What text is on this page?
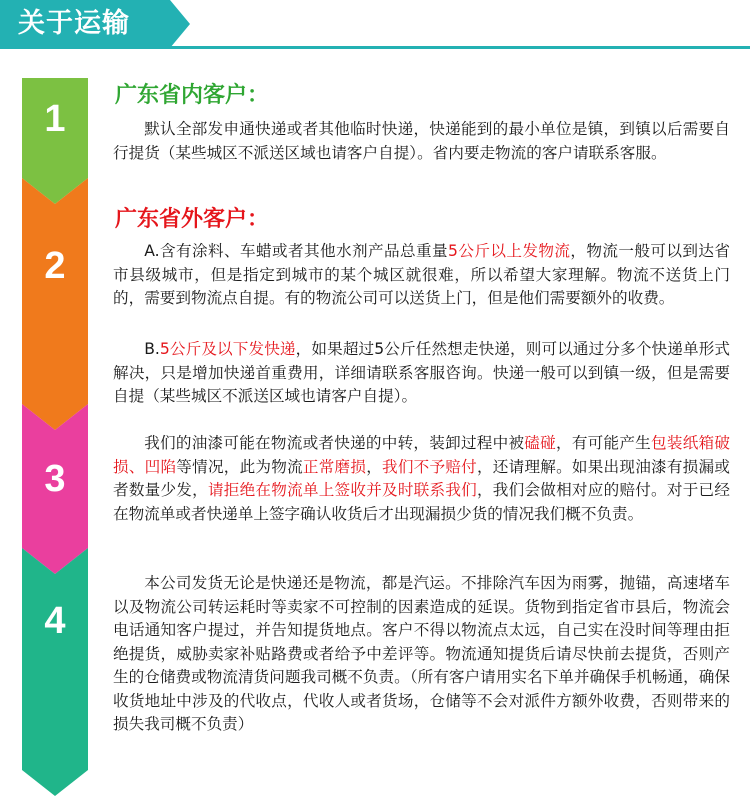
关于运输
1
2
3
4
广东省内客户：

默认全部发申通快递或者其他临时快递，快递能到的最小单位是镇，到镇以后需要自行提货（某些城区不派送区域也请客户自提）。省内要走物流的客户请联系客服。

广东省外客户：

A.含有涂料、车蜡或者其他水剂产品总重量5公斤以上发物流，物流一般可以到达省市县级城市，但是指定到城市的某个城区就很难，所以希望大家理解。物流不送货上门的，需要到物流点自提。有的物流公司可以送货上门，但是他们需要额外的收费。

B.5公斤及以下发快递，如果超过5公斤任然想走快递，则可以通过分多个快递单形式解决，只是增加快递首重费用，详细请联系客服咨询。快递一般可以到镇一级，但是需要自提（某些城区不派送区域也请客户自提）。

我们的油漆可能在物流或者快递的中转，装卸过程中被磕碰，有可能产生包装纸箱破损、凹陷等情况，此为物流正常磨损，我们不予赔付，还请理解。如果出现油漆有损漏或者数量少发，请拒绝在物流单上签收并及时联系我们，我们会做相对应的赔付。对于已经在物流单或者快递单上签字确认收货后才出现漏损少货的情况我们概不负责。

本公司发货无论是快递还是物流，都是汽运。不排除汽车因为雨雾，抛锚，高速堵车以及物流公司转运耗时等卖家不可控制的因素造成的延误。货物到指定省市县后，物流会电话通知客户提过，并告知提货地点。客户不得以物流点太远，自己实在没时间等理由拒绝提货，威胁卖家补贴路费或者给予中差评等。物流通知提货后请尽快前去提货，否则产生的仓储费或物流清货问题我司概不负责。（所有客户请用实名下单并确保手机畅通，确保收货地址中涉及的代收点，代收人或者货场，仓储等不会对派件方额外收费，否则带来的损失我司概不负责）
